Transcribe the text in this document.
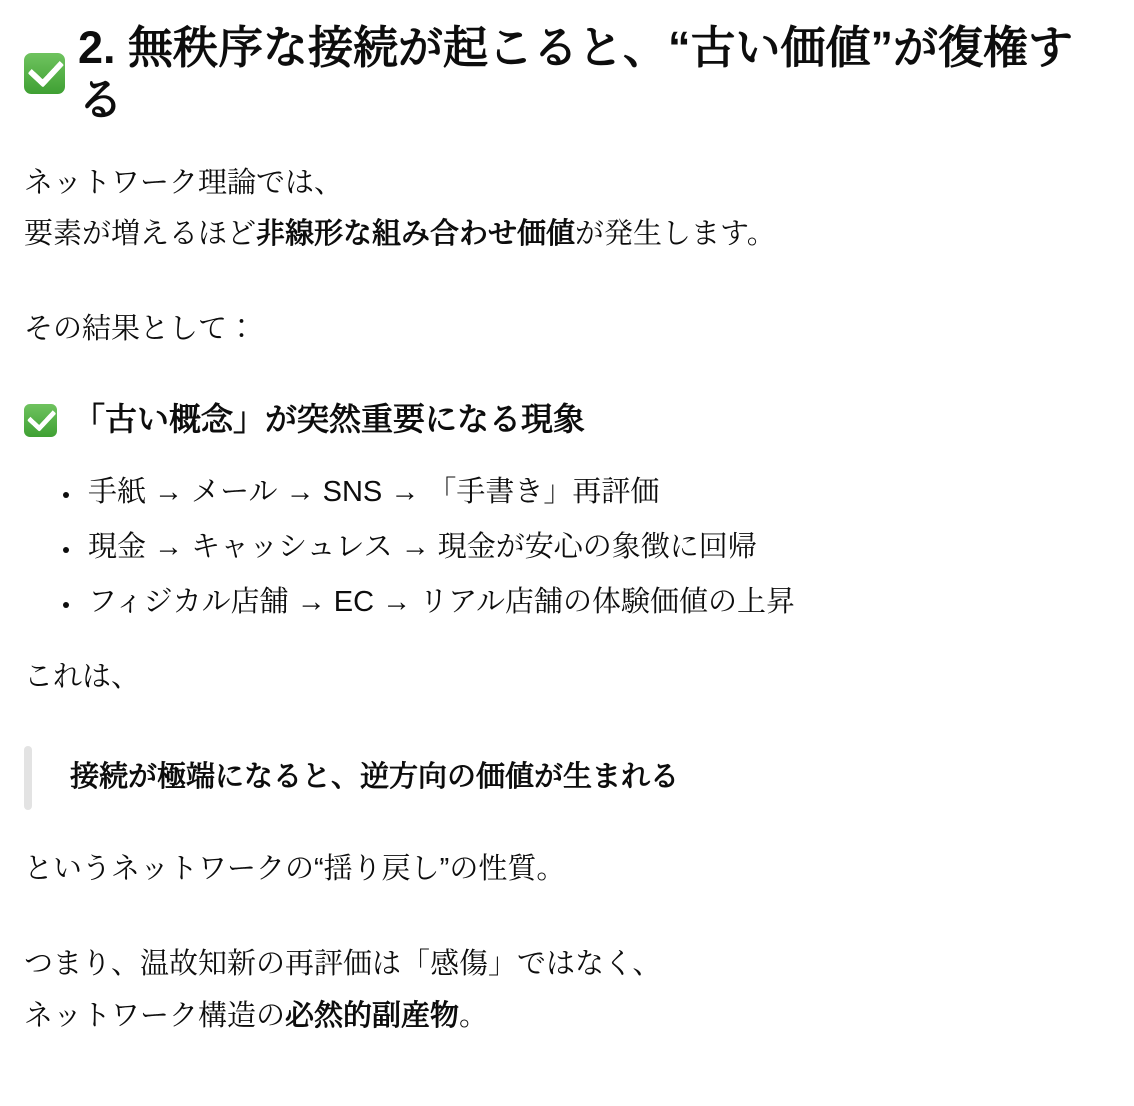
2. 無秩序な接続が起こると、“古い価値”が復権する

ネットワーク理論では、
要素が増えるほど非線形な組み合わせ価値が発生します。

その結果として：

「古い概念」が突然重要になる現象
• 手紙 → メール → SNS → 「手書き」再評価
• 現金 → キャッシュレス → 現金が安心の象徴に回帰
• フィジカル店舗 → EC → リアル店舗の体験価値の上昇

これは、

接続が極端になると、逆方向の価値が生まれる

というネットワークの“揺り戻し”の性質。

つまり、温故知新の再評価は「感傷」ではなく、
ネットワーク構造の必然的副産物。
